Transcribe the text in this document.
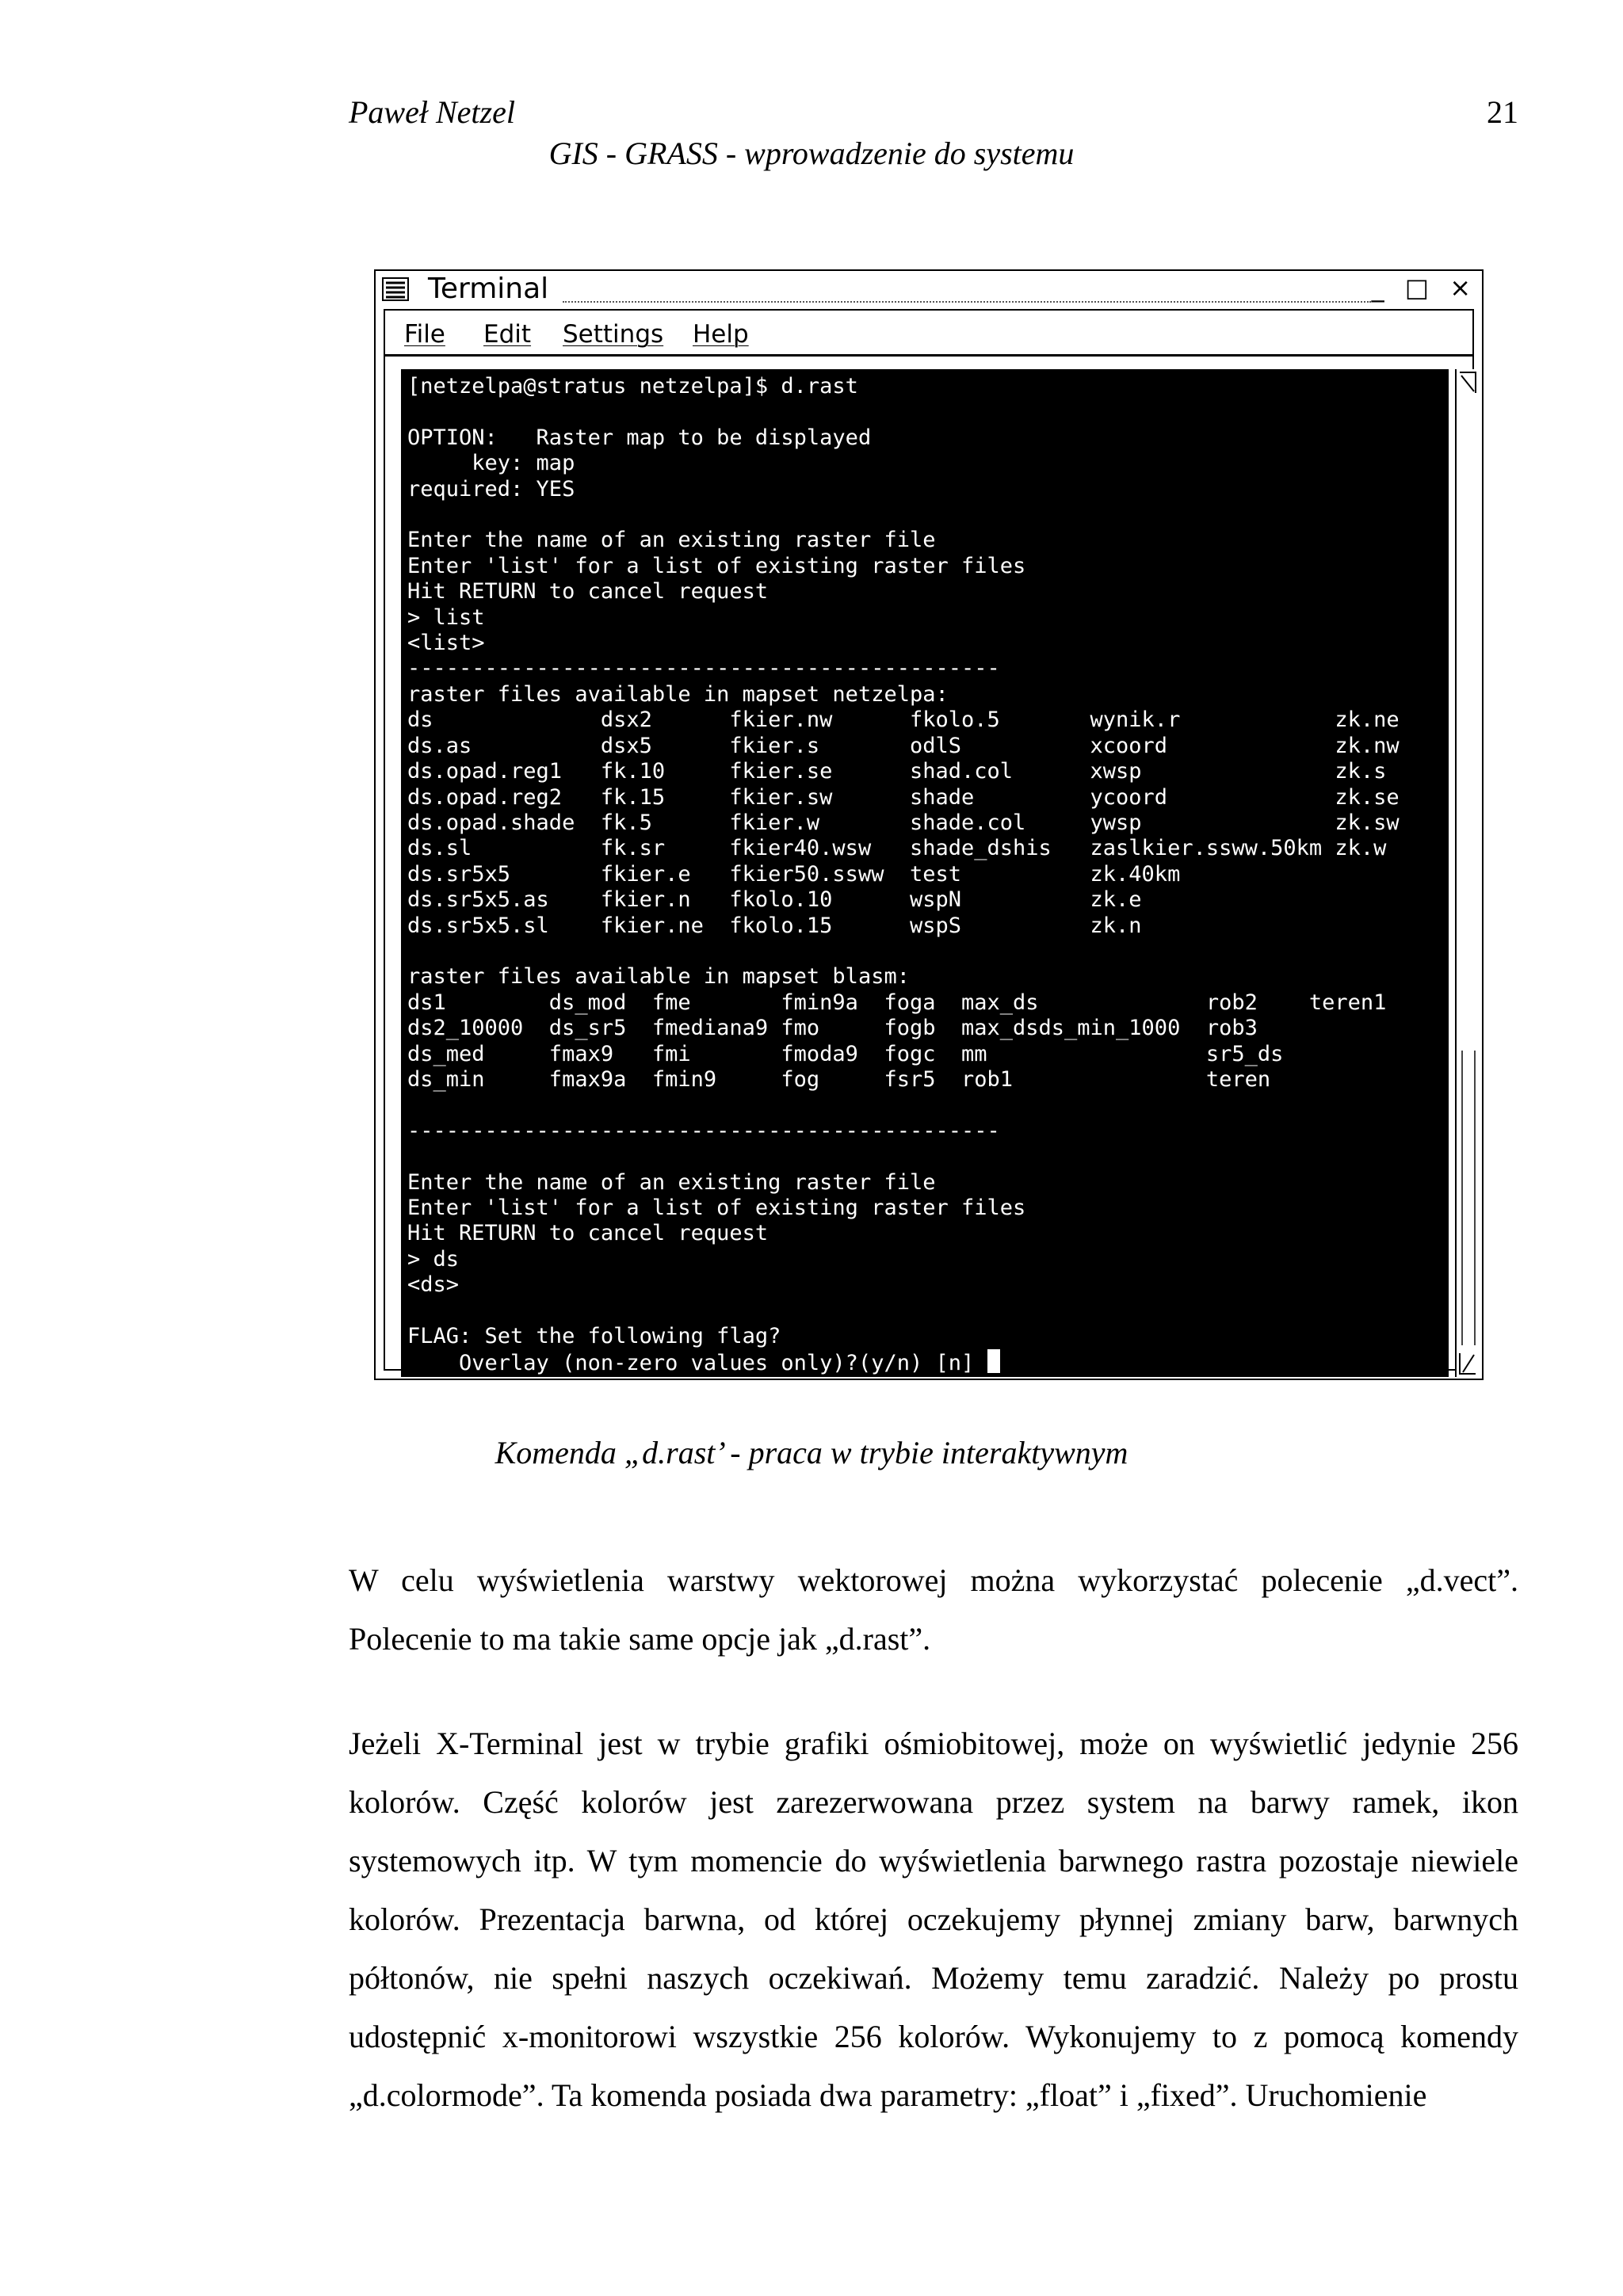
Paweł Netzel	21
GIS - GRASS - wprowadzenie do systemu
Terminal	_ □ ×
File Edit Settings Help
[netzelpa@stratus netzelpa]$ d.rast

OPTION:   Raster map to be displayed
key: map
required: YES

Enter the name of an existing raster file
Enter 'list' for a list of existing raster files
Hit RETURN to cancel request
> list
<list>
----------------------------------------------
raster files available in mapset netzelpa:
ds             dsx2      fkier.nw      fkolo.5       wynik.r            zk.ne
ds.as          dsx5      fkier.s       odlS          xcoord             zk.nw
ds.opad.reg1   fk.10     fkier.se      shad.col      xwsp               zk.s
ds.opad.reg2   fk.15     fkier.sw      shade         ycoord             zk.se
ds.opad.shade  fk.5      fkier.w       shade.col     ywsp               zk.sw
ds.sl          fk.sr     fkier40.wsw   shade_dshis   zaslkier.ssww.50km zk.w
ds.sr5x5       fkier.e   fkier50.ssww  test          zk.40km
ds.sr5x5.as    fkier.n   fkolo.10      wspN          zk.e
ds.sr5x5.sl    fkier.ne  fkolo.15      wspS          zk.n

raster files available in mapset blasm:
ds1        ds_mod  fme       fmin9a  foga  max_ds             rob2    teren1
ds2_10000  ds_sr5  fmediana9 fmo     fogb  max_dsds_min_1000  rob3
ds_med     fmax9   fmi       fmoda9  fogc  mm                 sr5_ds
ds_min     fmax9a  fmin9     fog     fsr5  rob1               teren

----------------------------------------------

Enter the name of an existing raster file
Enter 'list' for a list of existing raster files
Hit RETURN to cancel request
> ds
<ds>

FLAG: Set the following flag?
Overlay (non-zero values only)?(y/n) [n]
Komenda „d.rast’ - praca w trybie interaktywnym

W celu wyświetlenia warstwy wektorowej można wykorzystać polecenie „d.vect”. Polecenie to ma takie same opcje jak „d.rast”.

Jeżeli X-Terminal jest w trybie grafiki ośmiobitowej, może on wyświetlić jedynie 256 kolorów. Część kolorów jest zarezerwowana przez system na barwy ramek, ikon systemowych itp. W tym momencie do wyświetlenia barwnego rastra pozostaje niewiele kolorów. Prezentacja barwna, od której oczekujemy płynnej zmiany barw, barwnych półtonów, nie spełni naszych oczekiwań. Możemy temu zaradzić. Należy po prostu udostępnić x-monitorowi wszystkie 256 kolorów. Wykonujemy to z pomocą komendy „d.colormode”. Ta komenda posiada dwa parametry: „float” i „fixed”. Uruchomienie
